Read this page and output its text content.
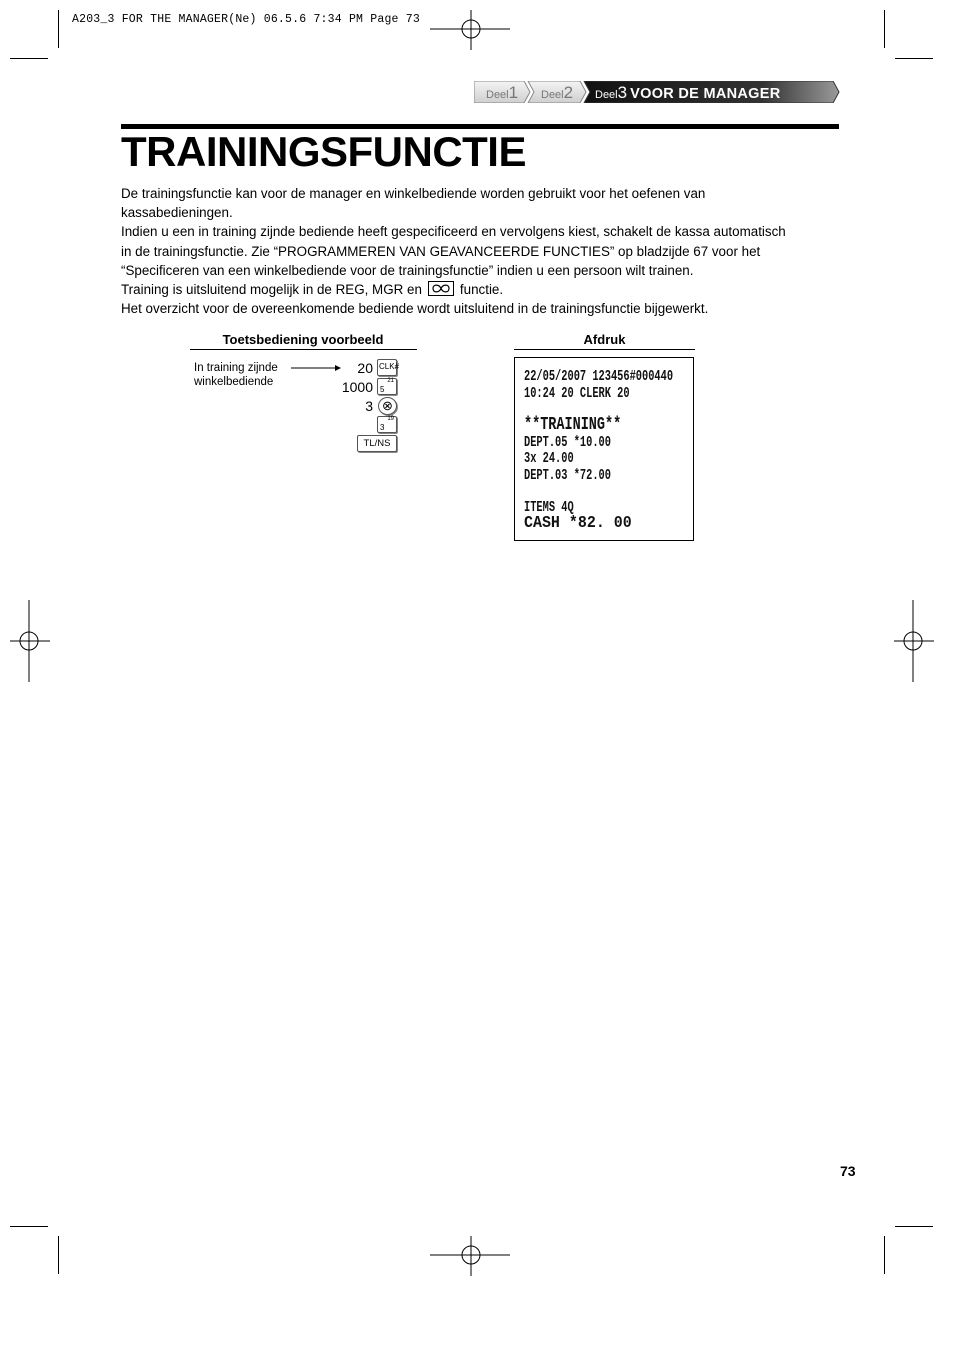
A203_3 FOR THE MANAGER(Ne) 06.5.6 7:34 PM Page 73
Deel1 Deel2	Deel3 VOOR DE MANAGER
TRAININGSFUNCTIE

De trainingsfunctie kan voor de manager en winkelbediende worden gebruikt voor het oefenen van

kassabedieningen.

Indien u een in training zijnde bediende heeft gespecificeerd en vervolgens kiest, schakelt de kassa automatisch

in de trainingsfunctie. Zie “PROGRAMMEREN VAN GEAVANCEERDE FUNCTIES” op bladzijde 67 voor het

“Specificeren van een winkelbediende voor de trainingsfunctie” indien u een persoon wilt trainen.

Training is uitsluitend mogelijk in de REG, MGR en	functie.

Het overzicht voor de overeenkomende bediende wordt uitsluitend in de trainingsfunctie bijgewerkt.

Toetsbediening voorbeeld
In training zijnde
winkelbediende
20 CLK#
1000 21
5
3 ⊗
19
3
TL/NS
Afdruk
22/05/2007 123456#000440
10:24 20 CLERK 20
**TRAINING**
DEPT.05 *10.00
3x 24.00
DEPT.03 *72.00
ITEMS 4Q
CASH *82. 00
73
